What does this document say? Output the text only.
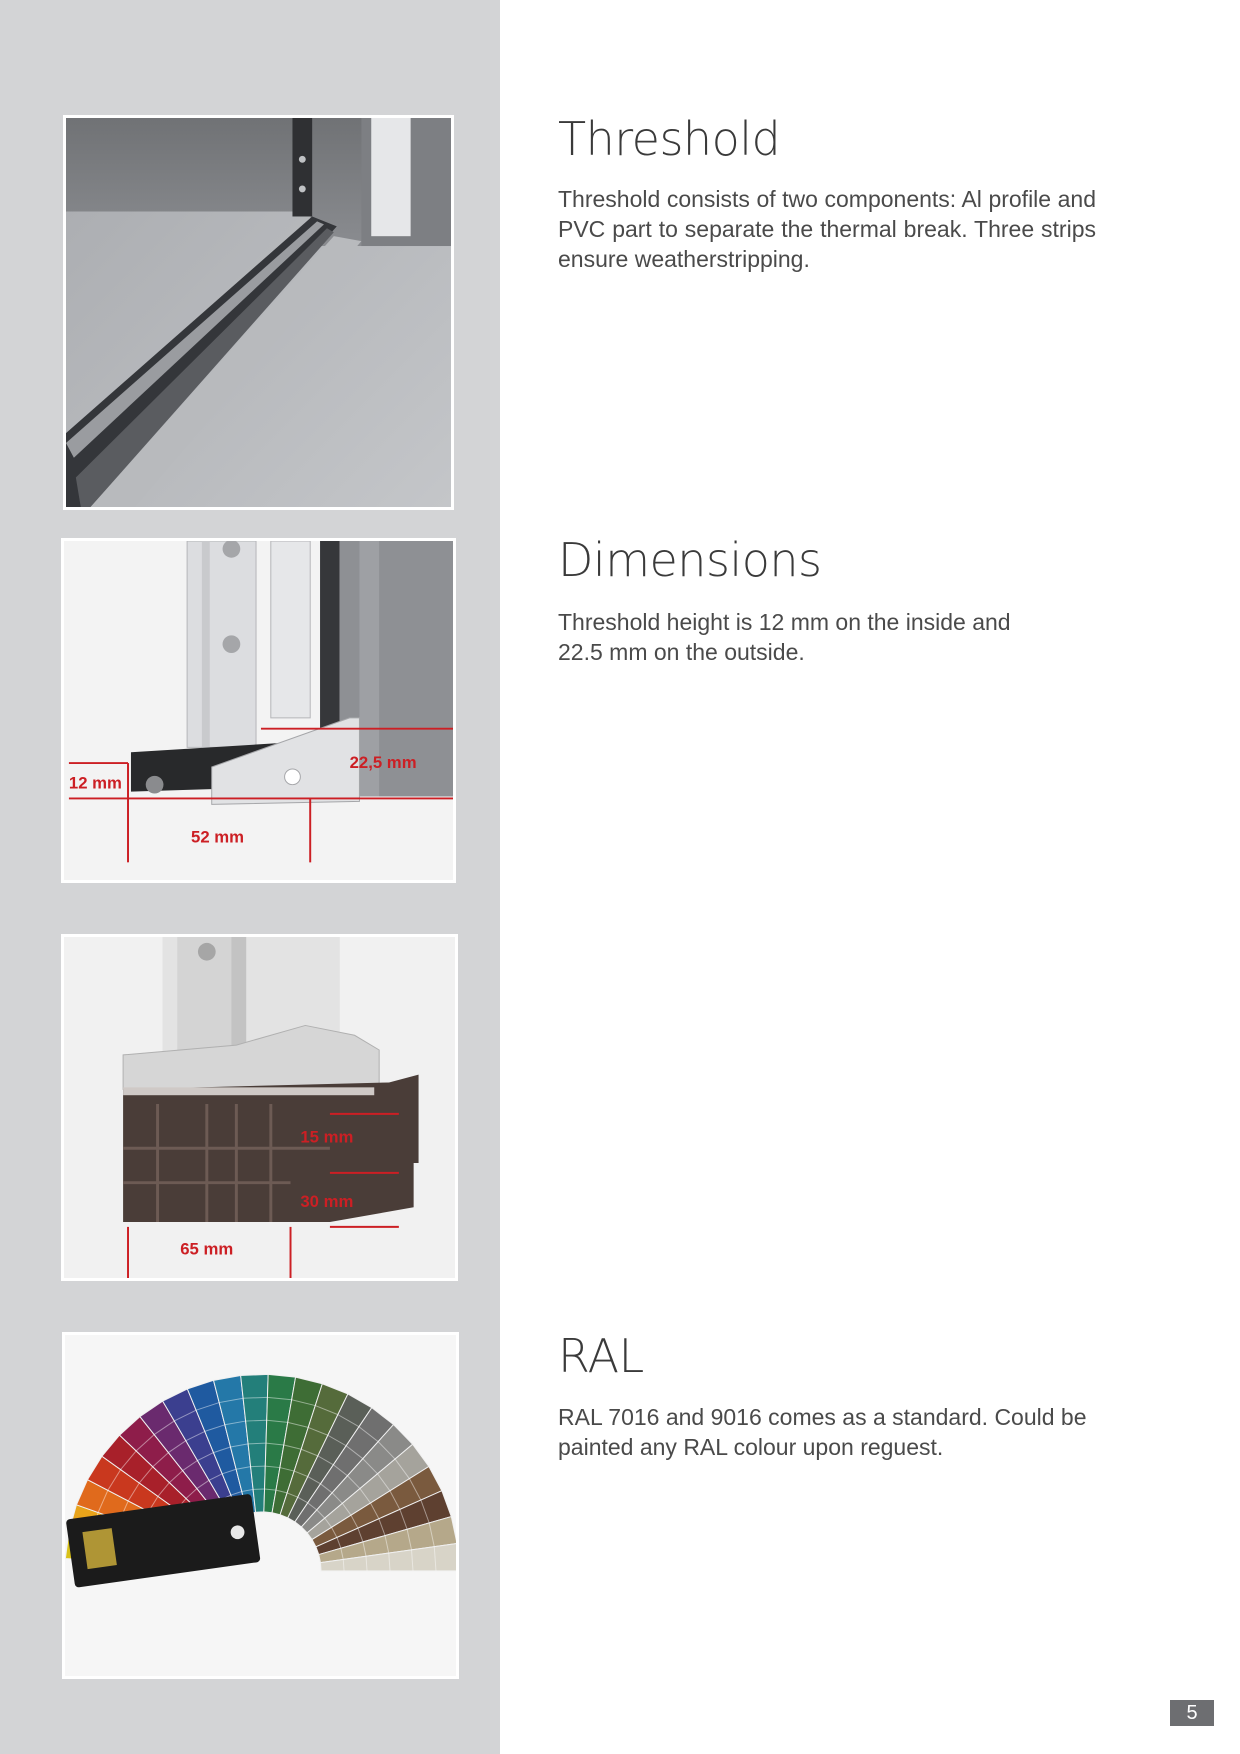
12 mm
22,5 mm
52 mm
15 mm
30 mm
65 mm
Threshold

Threshold consists of two components: Al profile and PVC part to separate the thermal break. Three strips ensure weatherstripping.

Dimensions

Threshold height is 12 mm on the inside and 22.5 mm on the outside.

RAL

RAL 7016 and 9016 comes as a standard. Could be painted any RAL colour upon reguest.

5
